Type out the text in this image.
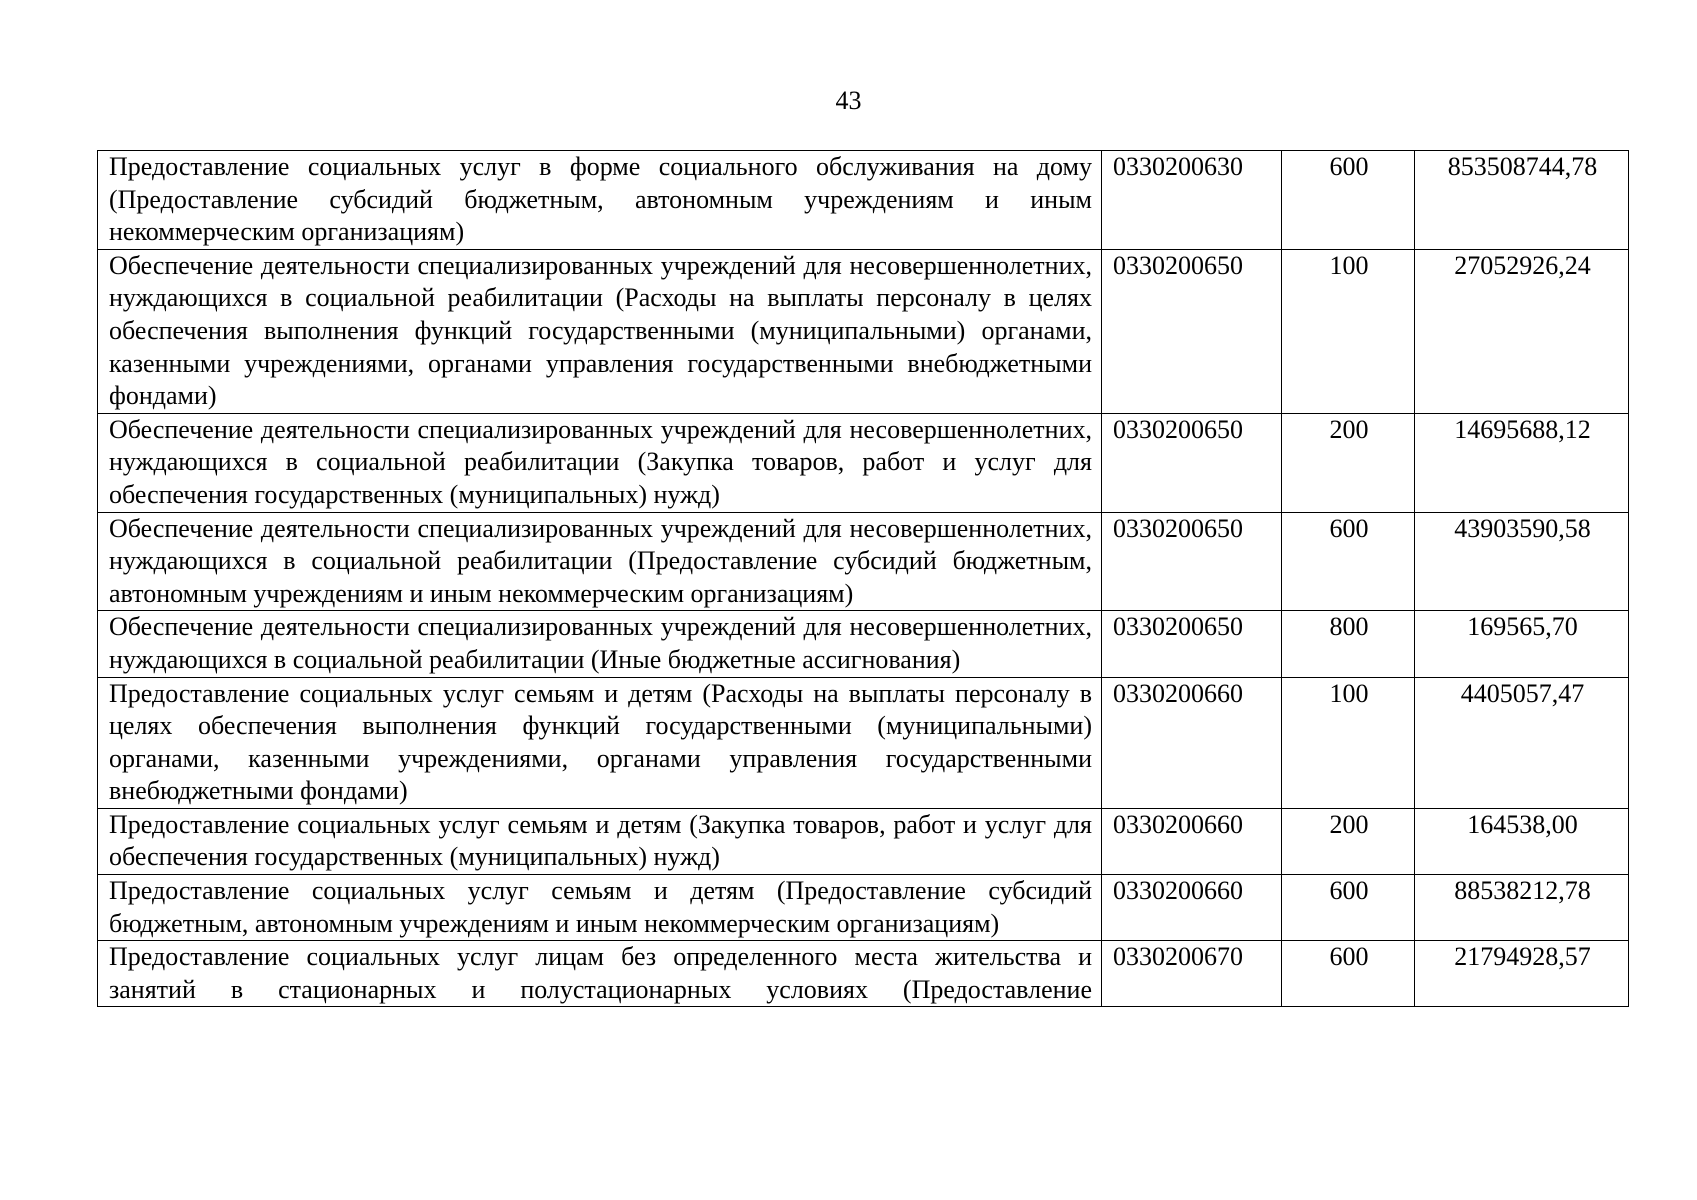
43
Предоставление социальных услуг в форме социального обслуживания на дому (Предоставление субсидий бюджетным, автономным учреждениям и иным некоммерческим организациям)	0330200630	600	853508744,78
Обеспечение деятельности специализированных учреждений для несовершеннолетних, нуждающихся в социальной реабилитации (Расходы на выплаты персоналу в целях обеспечения выполнения функций государственными (муниципальными) органами, казенными учреждениями, органами управления государственными внебюджетными фондами)	0330200650	100	27052926,24
Обеспечение деятельности специализированных учреждений для несовершеннолетних, нуждающихся в социальной реабилитации (Закупка товаров, работ и услуг для обеспечения государственных (муниципальных) нужд)	0330200650	200	14695688,12
Обеспечение деятельности специализированных учреждений для несовершеннолетних, нуждающихся в социальной реабилитации (Предоставление субсидий бюджетным, автономным учреждениям и иным некоммерческим организациям)	0330200650	600	43903590,58
Обеспечение деятельности специализированных учреждений для несовершеннолетних, нуждающихся в социальной реабилитации (Иные бюджетные ассигнования)	0330200650	800	169565,70
Предоставление социальных услуг семьям и детям (Расходы на выплаты персоналу в целях обеспечения выполнения функций государственными (муниципальными) органами, казенными учреждениями, органами управления государственными внебюджетными фондами)	0330200660	100	4405057,47
Предоставление социальных услуг семьям и детям (Закупка товаров, работ и услуг для обеспечения государственных (муниципальных) нужд)	0330200660	200	164538,00
Предоставление социальных услуг семьям и детям (Предоставление субсидий бюджетным, автономным учреждениям и иным некоммерческим организациям)	0330200660	600	88538212,78
Предоставление социальных услуг лицам без определенного места жительства и занятий в стационарных и полустационарных условиях (Предоставление	0330200670	600	21794928,57
